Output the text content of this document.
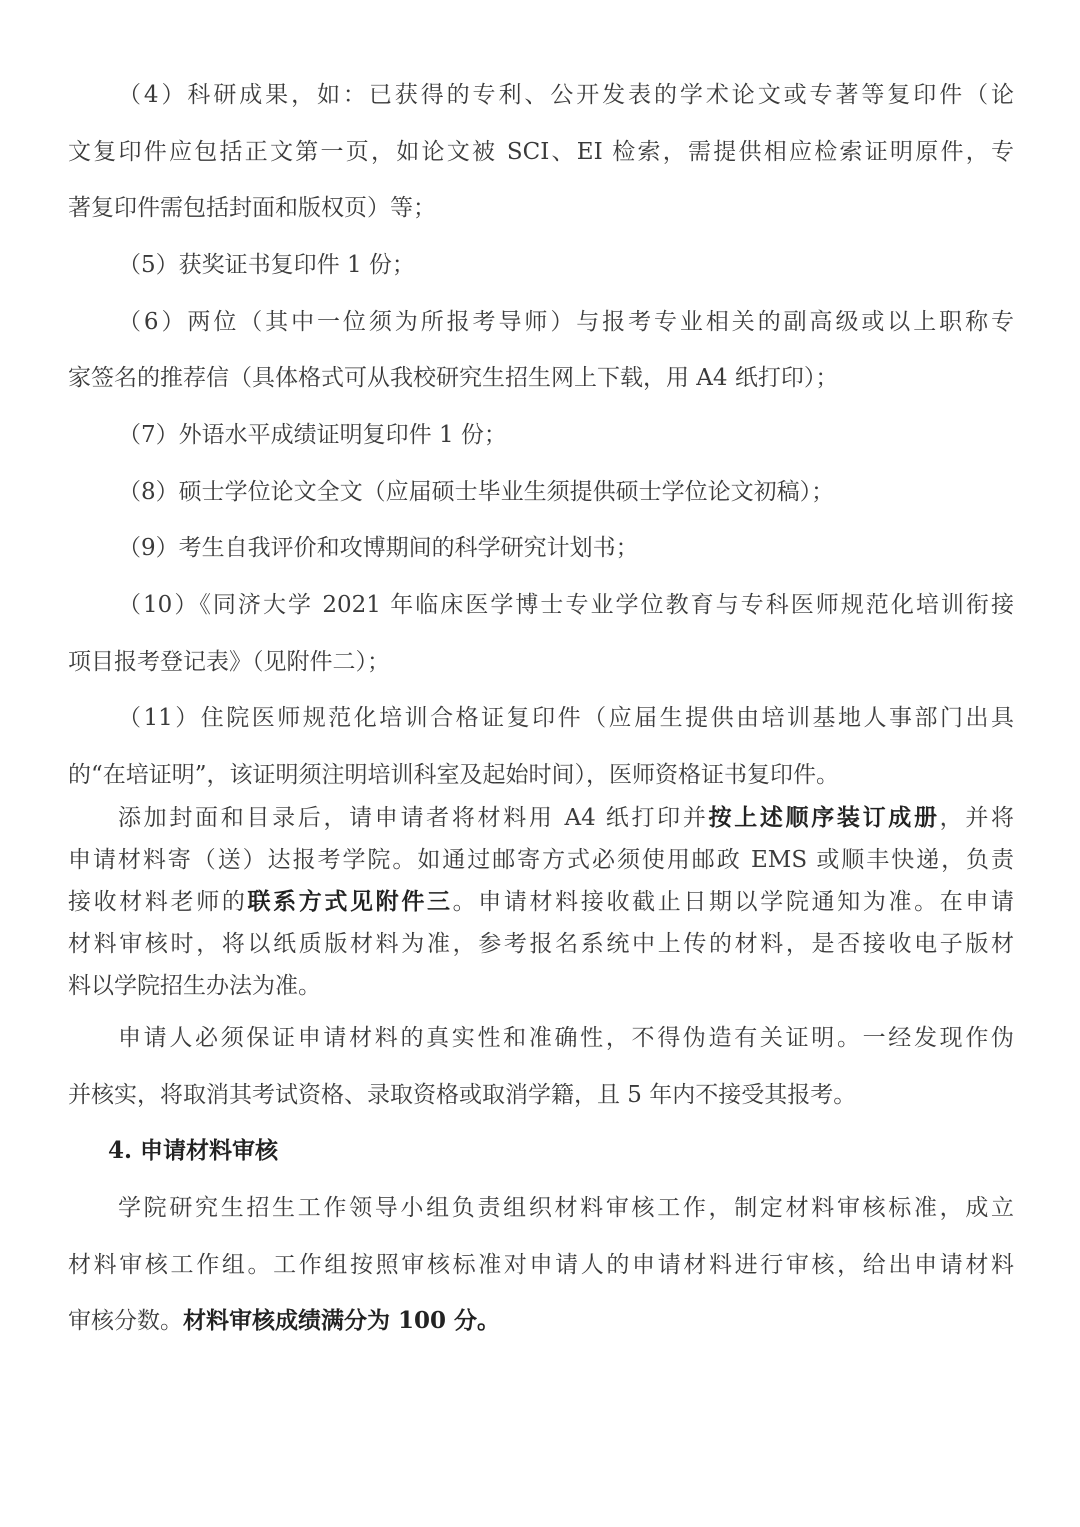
（4）科研成果，如：已获得的专利、公开发表的学术论文或专著等复印件（论
文复印件应包括正文第一页，如论文被 SCI、EI 检索，需提供相应检索证明原件，专
著复印件需包括封面和版权页）等；
（5）获奖证书复印件 1 份；
（6）两位（其中一位须为所报考导师）与报考专业相关的副高级或以上职称专
家签名的推荐信（具体格式可从我校研究生招生网上下载，用 A4 纸打印）；
（7）外语水平成绩证明复印件 1 份；
（8）硕士学位论文全文（应届硕士毕业生须提供硕士学位论文初稿）；
（9）考生自我评价和攻博期间的科学研究计划书；
（10）《同济大学 2021 年临床医学博士专业学位教育与专科医师规范化培训衔接
项目报考登记表》（见附件二）；
（11）住院医师规范化培训合格证复印件（应届生提供由培训基地人事部门出具
的“在培证明”，该证明须注明培训科室及起始时间），医师资格证书复印件。
添加封面和目录后，请申请者将材料用 A4 纸打印并按上述顺序装订成册，并将
申请材料寄（送）达报考学院。如通过邮寄方式必须使用邮政 EMS 或顺丰快递，负责
接收材料老师的联系方式见附件三。申请材料接收截止日期以学院通知为准。在申请
材料审核时，将以纸质版材料为准，参考报名系统中上传的材料，是否接收电子版材
料以学院招生办法为准。
申请人必须保证申请材料的真实性和准确性，不得伪造有关证明。一经发现作伪
并核实，将取消其考试资格、录取资格或取消学籍，且 5 年内不接受其报考。
4. 申请材料审核
学院研究生招生工作领导小组负责组织材料审核工作，制定材料审核标准，成立
材料审核工作组。工作组按照审核标准对申请人的申请材料进行审核，给出申请材料
审核分数。材料审核成绩满分为 100 分。
